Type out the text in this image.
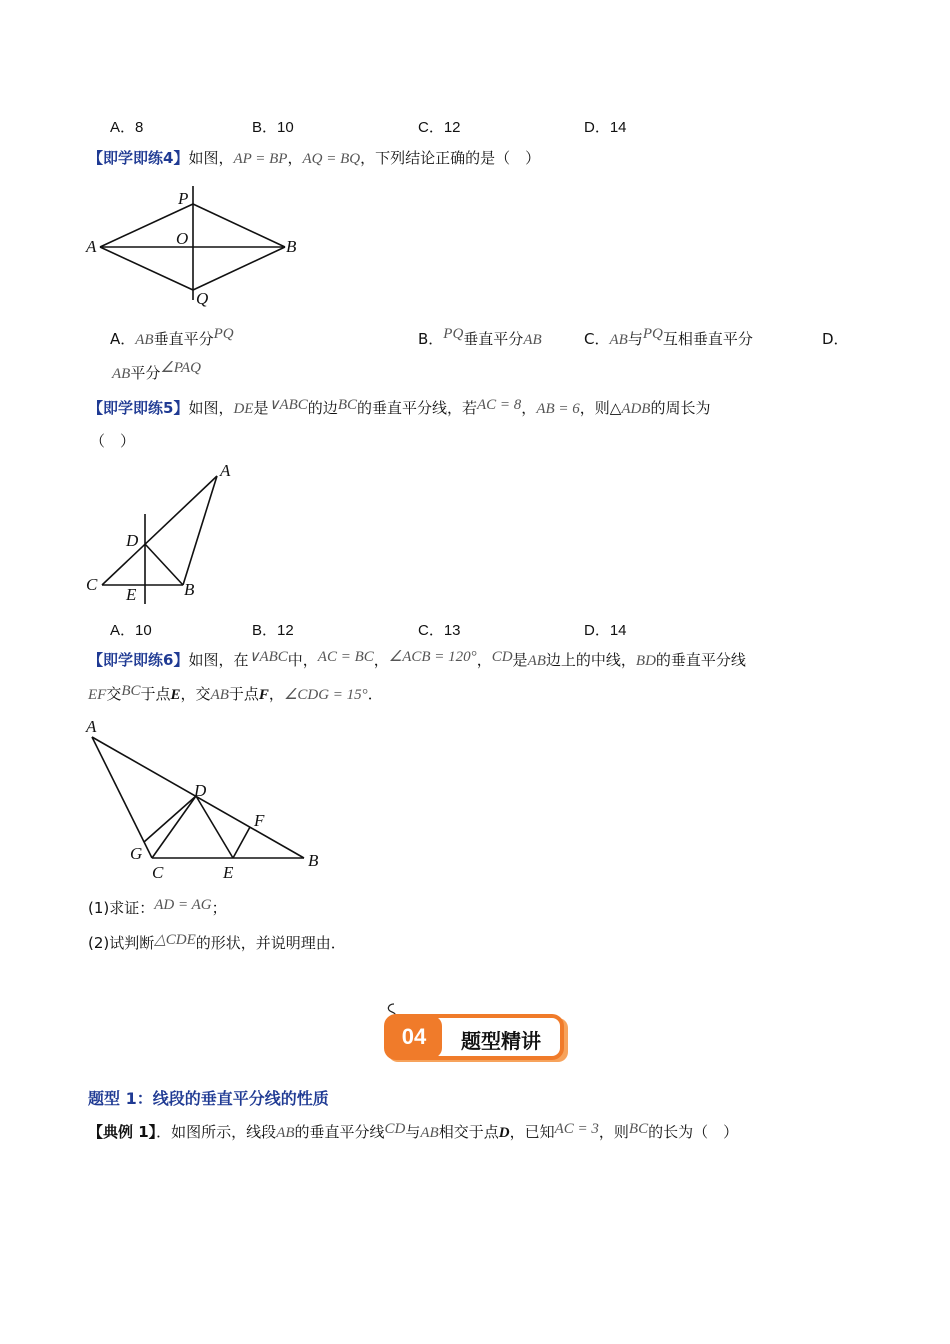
A．8	B．10	C．12	D．14
【即学即练4】如图，AP = BP，AQ = BQ，下列结论正确的是（　）
P
O
A	B
Q
A．AB垂直平分PQ	B．PQ垂直平分AB	C．AB与PQ互相垂直平分	D．
AB平分∠PAQ
【即学即练5】如图，DE是∨ABC的边BC的垂直平分线，若AC = 8，AB = 6，则△ADB的周长为
（　）
A
D
C
E	B
A．10	B．12	C．13	D．14
【即学即练6】如图，在∨ABC中，AC = BC，∠ACB = 120°，CD是AB边上的中线，BD的垂直平分线
EF交BC于点E，交AB于点F，∠CDG = 15°．
A
D
F
G
C	E
B
(1)求证：AD = AG；
(2)试判断△CDE的形状，并说明理由．
04	题型精讲
题型 1：线段的垂直平分线的性质
【典例 1】．如图所示，线段AB的垂直平分线CD与AB相交于点D，已知AC = 3，则BC的长为（　）
